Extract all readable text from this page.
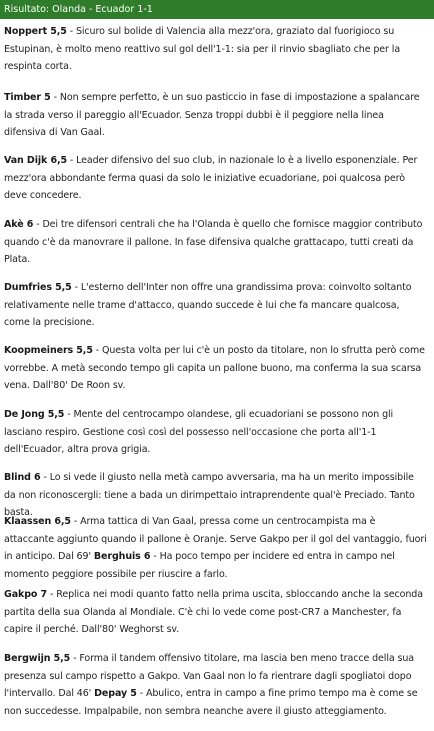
Risultato: Olanda - Ecuador 1-1

Noppert 5,5 - Sicuro sul bolide di Valencia alla mezz'ora, graziato dal fuorigioco su Estupinan, è molto meno reattivo sul gol dell'1-1: sia per il rinvio sbagliato che per la respinta corta.

Timber 5 - Non sempre perfetto, è un suo pasticcio in fase di impostazione a spalancare la strada verso il pareggio all'Ecuador. Senza troppi dubbi è il peggiore nella linea difensiva di Van Gaal.

Van Dijk 6,5 - Leader difensivo del suo club, in nazionale lo è a livello esponenziale. Per mezz'ora abbondante ferma quasi da solo le iniziative ecuadoriane, poi qualcosa però deve concedere.

Akè 6 - Dei tre difensori centrali che ha l'Olanda è quello che fornisce maggior contributo quando c'è da manovrare il pallone. In fase difensiva qualche grattacapo, tutti creati da Plata.

Dumfries 5,5 - L'esterno dell'Inter non offre una grandissima prova: coinvolto soltanto relativamente nelle trame d'attacco, quando succede è lui che fa mancare qualcosa, come la precisione.

Koopmeiners 5,5 - Questa volta per lui c'è un posto da titolare, non lo sfrutta però come vorrebbe. A metà secondo tempo gli capita un pallone buono, ma conferma la sua scarsa vena. Dall'80' De Roon sv.

De Jong 5,5 - Mente del centrocampo olandese, gli ecuadoriani se possono non gli lasciano respiro. Gestione così così del possesso nell'occasione che porta all'1-1 dell'Ecuador, altra prova grigia.

Blind 6 - Lo si vede il giusto nella metà campo avversaria, ma ha un merito impossibile da non riconoscergli: tiene a bada un dirimpettaio intraprendente qual'è Preciado. Tanto basta.

Klaassen 6,5 - Arma tattica di Van Gaal, pressa come un centrocampista ma è attaccante aggiunto quando il pallone è Oranje. Serve Gakpo per il gol del vantaggio, fuori in anticipo. Dal 69' Berghuis 6 - Ha poco tempo per incidere ed entra in campo nel momento peggiore possibile per riuscire a farlo.

Gakpo 7 - Replica nei modi quanto fatto nella prima uscita, sbloccando anche la seconda partita della sua Olanda al Mondiale. C'è chi lo vede come post-CR7 a Manchester, fa capire il perché. Dall'80' Weghorst sv.

Bergwijn 5,5 - Forma il tandem offensivo titolare, ma lascia ben meno tracce della sua presenza sul campo rispetto a Gakpo. Van Gaal non lo fa rientrare dagli spogliatoi dopo l'intervallo. Dal 46' Depay 5 - Abulico, entra in campo a fine primo tempo ma è come se non succedesse. Impalpabile, non sembra neanche avere il giusto atteggiamento.
